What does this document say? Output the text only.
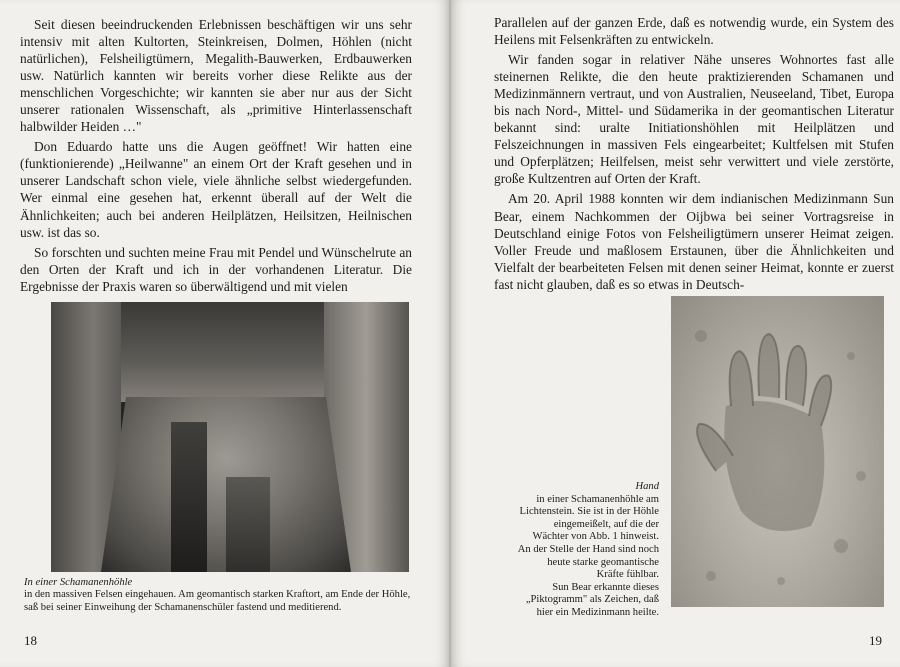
Seit diesen beeindruckenden Erlebnissen beschäftigen wir uns sehr intensiv mit alten Kultorten, Steinkreisen, Dolmen, Höhlen (nicht natürlichen), Felsheiligtümern, Megalith-Bauwerken, Erdbauwerken usw. Natürlich kannten wir bereits vorher diese Relikte aus der menschlichen Vorgeschichte; wir kannten sie aber nur aus der Sicht unserer rationalen Wissenschaft, als „primitive Hinterlassenschaft halbwilder Heiden …"

Don Eduardo hatte uns die Augen geöffnet! Wir hatten eine (funktionierende) „Heilwanne" an einem Ort der Kraft gesehen und in unserer Landschaft schon viele, viele ähnliche selbst wiedergefunden. Wer einmal eine gesehen hat, erkennt überall auf der Welt die Ähnlichkeiten; auch bei anderen Heilplätzen, Heilsitzen, Heilnischen usw. ist das so.

So forschten und suchten meine Frau mit Pendel und Wünschelrute an den Orten der Kraft und ich in der vorhandenen Literatur. Die Ergebnisse der Praxis waren so überwältigend und mit vielen

In einer Schamanenhöhle
in den massiven Felsen eingehauen. Am geomantisch starken Kraftort, am Ende der Höhle, saß bei seiner Einweihung der Schamanenschüler fastend und meditierend.
18

Parallelen auf der ganzen Erde, daß es notwendig wurde, ein System des Heilens mit Felsenkräften zu entwickeln.

Wir fanden sogar in relativer Nähe unseres Wohnortes fast alle steinernen Relikte, die den heute praktizierenden Schamanen und Medizinmännern vertraut, und von Australien, Neuseeland, Tibet, Europa bis nach Nord-, Mittel- und Südamerika in der geomantischen Literatur bekannt sind: uralte Initiationshöhlen mit Heilplätzen und Felszeichnungen in massiven Fels eingearbeitet; Kultfelsen mit Stufen und Opferplätzen; Heilfelsen, meist sehr verwittert und viele zerstörte, große Kultzentren auf Orten der Kraft.

Am 20. April 1988 konnten wir dem indianischen Medizinmann Sun Bear, einem Nachkommen der Oijbwa bei seiner Vortragsreise in Deutschland einige Fotos von Felsheiligtümern unserer Heimat zeigen. Voller Freude und maßlosem Erstaunen, über die Ähnlichkeiten und Vielfalt der bearbeiteten Felsen mit denen seiner Heimat, konnte er zuerst fast nicht glauben, daß es so etwas in Deutsch-

Hand
in einer Schamanenhöhle am
Lichtenstein. Sie ist in der Höhle
eingemeißelt, auf die der
Wächter von Abb. 1 hinweist.
An der Stelle der Hand sind noch
heute starke geomantische
Kräfte fühlbar.
Sun Bear erkannte dieses
„Piktogramm" als Zeichen, daß
hier ein Medizinmann heilte.
19
